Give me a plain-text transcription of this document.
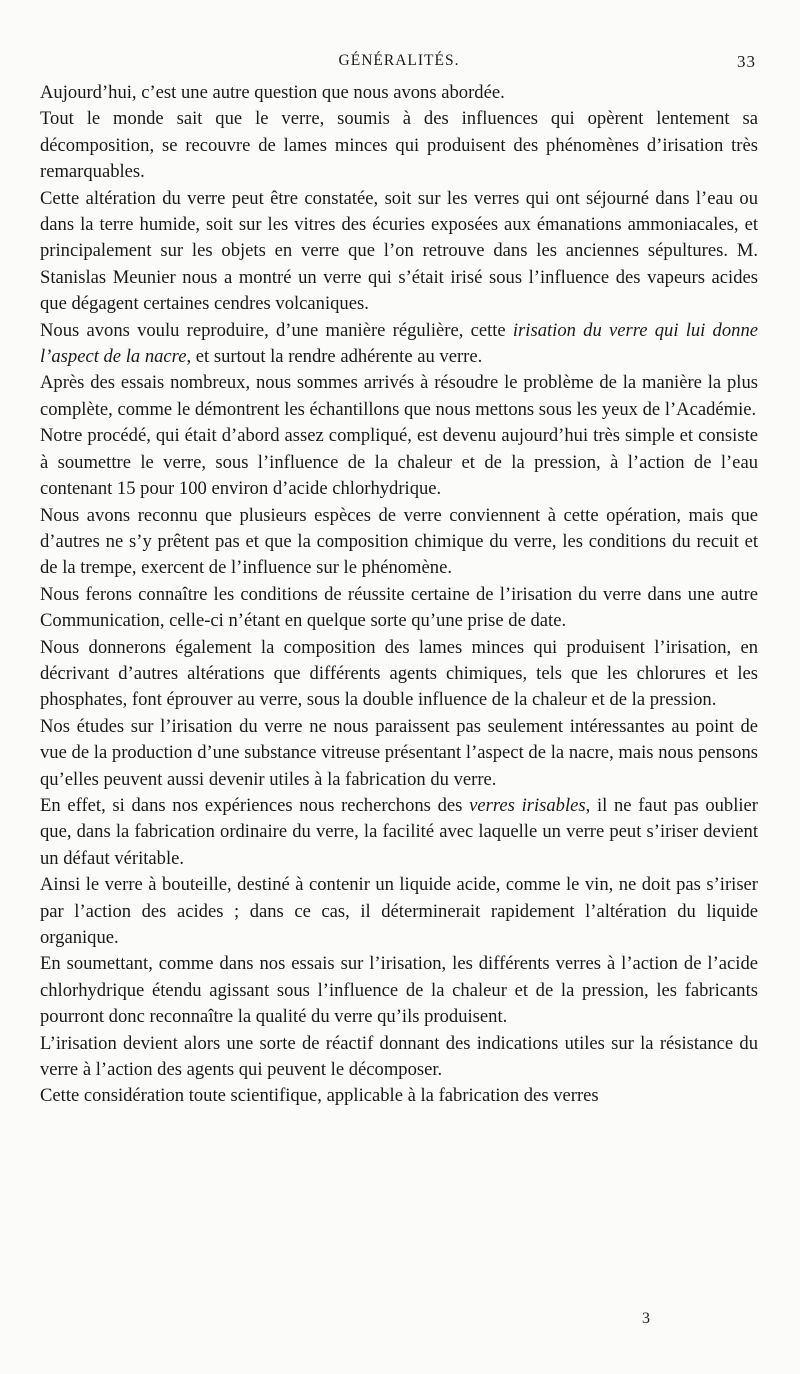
GÉNÉRALITÉS.	33

Aujourd’hui, c’est une autre question que nous avons abordée.

Tout le monde sait que le verre, soumis à des influences qui opèrent lentement sa décomposition, se recouvre de lames minces qui produisent des phénomènes d’irisation très remarquables.

Cette altération du verre peut être constatée, soit sur les verres qui ont séjourné dans l’eau ou dans la terre humide, soit sur les vitres des écuries exposées aux émanations ammoniacales, et principalement sur les objets en verre que l’on retrouve dans les anciennes sépultures. M. Stanislas Meunier nous a montré un verre qui s’était irisé sous l’influence des vapeurs acides que dégagent certaines cendres volcaniques.

Nous avons voulu reproduire, d’une manière régulière, cette irisation du verre qui lui donne l’aspect de la nacre, et surtout la rendre adhérente au verre.

Après des essais nombreux, nous sommes arrivés à résoudre le problème de la manière la plus complète, comme le démontrent les échantillons que nous mettons sous les yeux de l’Académie.

Notre procédé, qui était d’abord assez compliqué, est devenu aujourd’hui très simple et consiste à soumettre le verre, sous l’influence de la chaleur et de la pression, à l’action de l’eau contenant 15 pour 100 environ d’acide chlorhydrique.

Nous avons reconnu que plusieurs espèces de verre conviennent à cette opération, mais que d’autres ne s’y prêtent pas et que la composition chimique du verre, les conditions du recuit et de la trempe, exercent de l’influence sur le phénomène.

Nous ferons connaître les conditions de réussite certaine de l’irisation du verre dans une autre Communication, celle-ci n’étant en quelque sorte qu’une prise de date.

Nous donnerons également la composition des lames minces qui produisent l’irisation, en décrivant d’autres altérations que différents agents chimiques, tels que les chlorures et les phosphates, font éprouver au verre, sous la double influence de la chaleur et de la pression.

Nos études sur l’irisation du verre ne nous paraissent pas seulement intéressantes au point de vue de la production d’une substance vitreuse présentant l’aspect de la nacre, mais nous pensons qu’elles peuvent aussi devenir utiles à la fabrication du verre.

En effet, si dans nos expériences nous recherchons des verres irisables, il ne faut pas oublier que, dans la fabrication ordinaire du verre, la facilité avec laquelle un verre peut s’iriser devient un défaut véritable.

Ainsi le verre à bouteille, destiné à contenir un liquide acide, comme le vin, ne doit pas s’iriser par l’action des acides ; dans ce cas, il déterminerait rapidement l’altération du liquide organique.

En soumettant, comme dans nos essais sur l’irisation, les différents verres à l’action de l’acide chlorhydrique étendu agissant sous l’influence de la chaleur et de la pression, les fabricants pourront donc reconnaître la qualité du verre qu’ils produisent.

L’irisation devient alors une sorte de réactif donnant des indications utiles sur la résistance du verre à l’action des agents qui peuvent le décomposer.

Cette considération toute scientifique, applicable à la fabrication des verres

3
